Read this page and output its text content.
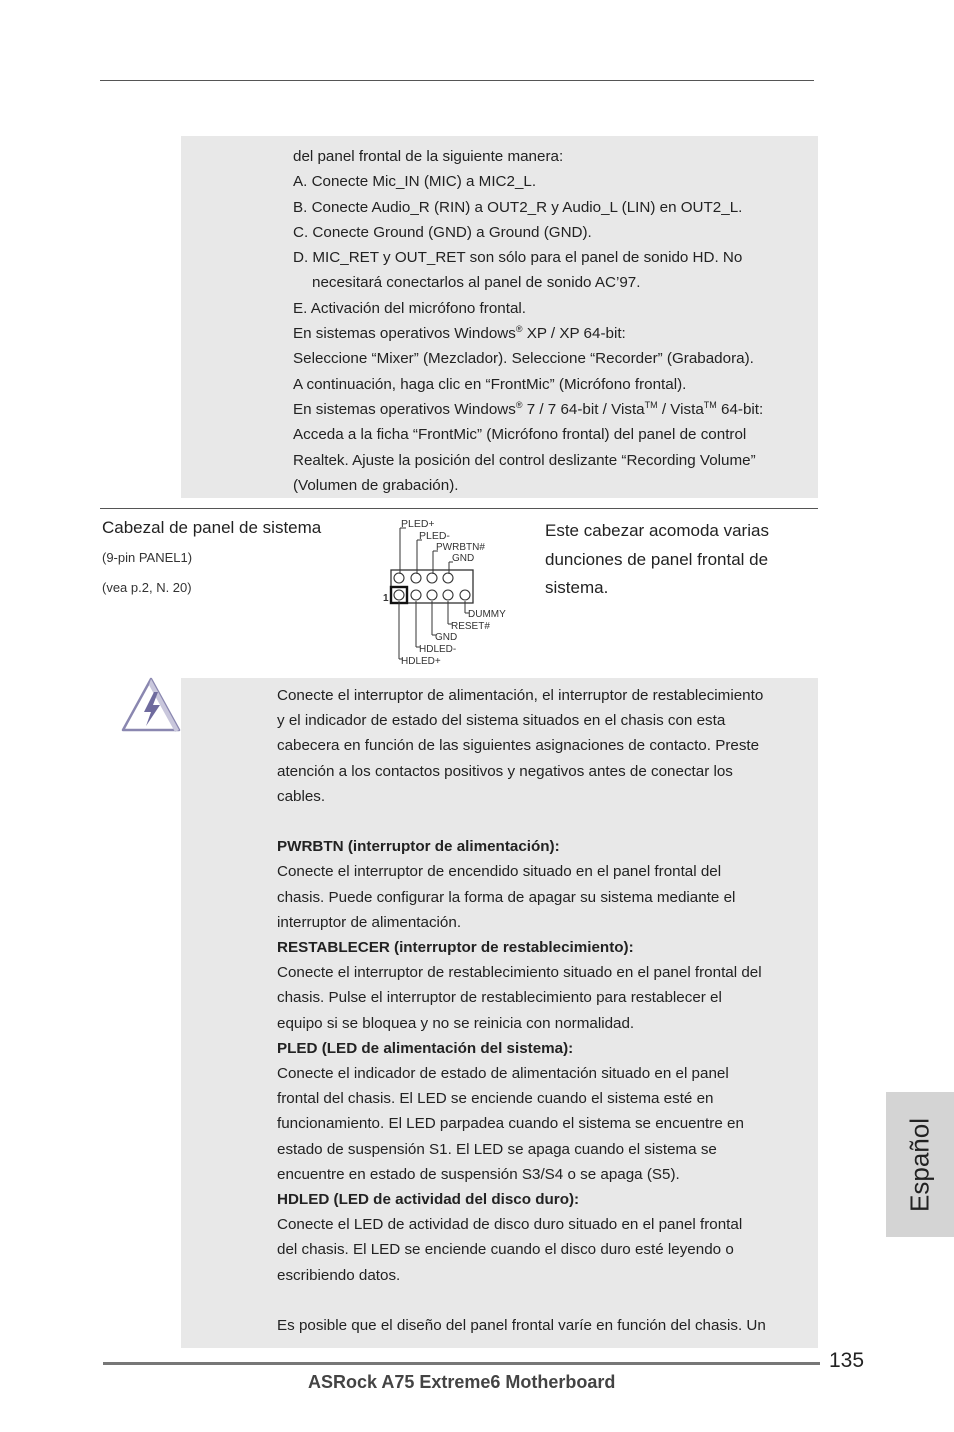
del panel frontal de la siguiente manera:
A. Conecte Mic_IN (MIC) a MIC2_L.
B. Conecte Audio_R (RIN) a OUT2_R y Audio_L (LIN) en OUT2_L.
C. Conecte Ground (GND) a Ground (GND).
D. MIC_RET y OUT_RET son sólo para el panel de sonido HD. No
necesitará conectarlos al panel de sonido AC’97.
E. Activación del micrófono frontal.
En sistemas operativos Windows® XP / XP 64-bit:
Seleccione “Mixer” (Mezclador). Seleccione “Recorder” (Grabadora).
A continuación, haga clic en “FrontMic” (Micrófono frontal).
En sistemas operativos Windows® 7 / 7 64-bit / Vista™ / Vista™ 64-bit:
Acceda a la ficha “FrontMic” (Micrófono frontal) del panel de control
Realtek. Ajuste la posición del control deslizante “Recording Volume”
(Volumen de grabación).
Cabezal de panel de sistema
(9-pin PANEL1)
(vea p.2, N. 20)
Este cabezar acomoda varias
dunciones de panel frontal de
sistema.
PLED+
PLED-
PWRBTN#
GND
1
DUMMY
RESET#
GND
HDLED-
HDLED+
Conecte el interruptor de alimentación, el interruptor de restablecimiento
y el indicador de estado del sistema situados en el chasis con esta
cabecera en función de las siguientes asignaciones de contacto. Preste
atención a los contactos positivos y negativos antes de conectar los
cables.
PWRBTN (interruptor de alimentación):
Conecte el interruptor de encendido situado en el panel frontal del
chasis. Puede configurar la forma de apagar su sistema mediante el
interruptor de alimentación.
RESTABLECER (interruptor de restablecimiento):
Conecte el interruptor de restablecimiento situado en el panel frontal del
chasis. Pulse el interruptor de restablecimiento para restablecer el
equipo si se bloquea y no se reinicia con normalidad.
PLED (LED de alimentación del sistema):
Conecte el indicador de estado de alimentación situado en el panel
frontal del chasis. El LED se enciende cuando el sistema esté en
funcionamiento. El LED parpadea cuando el sistema se encuentre en
estado de suspensión S1. El LED se apaga cuando el sistema se
encuentre en estado de suspensión S3/S4 o se apaga (S5).
HDLED (LED de actividad del disco duro):
Conecte el LED de actividad de disco duro situado en el panel frontal
del chasis. El LED se enciende cuando el disco duro esté leyendo o
escribiendo datos.
Es posible que el diseño del panel frontal varíe en función del chasis. Un
135
ASRock A75 Extreme6 Motherboard
Español
